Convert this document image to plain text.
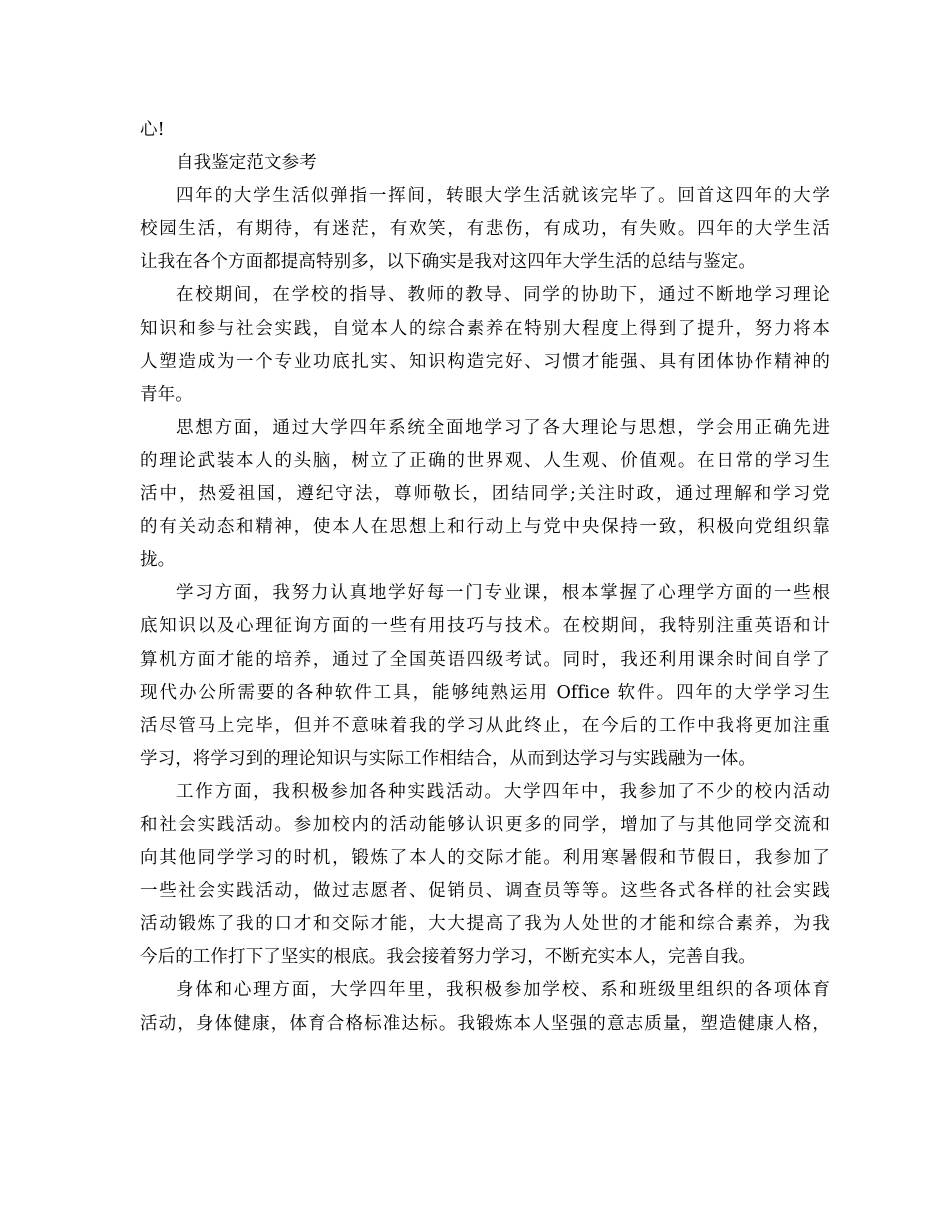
心!
自我鉴定范文参考
四年的大学生活似弹指一挥间，转眼大学生活就该完毕了。回首这四年的大学
校园生活，有期待，有迷茫，有欢笑，有悲伤，有成功，有失败。四年的大学生活
让我在各个方面都提高特别多，以下确实是我对这四年大学生活的总结与鉴定。
在校期间，在学校的指导、教师的教导、同学的协助下，通过不断地学习理论
知识和参与社会实践，自觉本人的综合素养在特别大程度上得到了提升，努力将本
人塑造成为一个专业功底扎实、知识构造完好、习惯才能强、具有团体协作精神的
青年。
思想方面，通过大学四年系统全面地学习了各大理论与思想，学会用正确先进
的理论武装本人的头脑，树立了正确的世界观、人生观、价值观。在日常的学习生
活中，热爱祖国，遵纪守法，尊师敬长，团结同学;关注时政，通过理解和学习党
的有关动态和精神，使本人在思想上和行动上与党中央保持一致，积极向党组织靠
拢。
学习方面，我努力认真地学好每一门专业课，根本掌握了心理学方面的一些根
底知识以及心理征询方面的一些有用技巧与技术。在校期间，我特别注重英语和计
算机方面才能的培养，通过了全国英语四级考试。同时，我还利用课余时间自学了
现代办公所需要的各种软件工具，能够纯熟运用 Office 软件。四年的大学学习生
活尽管马上完毕，但并不意味着我的学习从此终止，在今后的工作中我将更加注重
学习，将学习到的理论知识与实际工作相结合，从而到达学习与实践融为一体。
工作方面，我积极参加各种实践活动。大学四年中，我参加了不少的校内活动
和社会实践活动。参加校内的活动能够认识更多的同学，增加了与其他同学交流和
向其他同学学习的时机，锻炼了本人的交际才能。利用寒暑假和节假日，我参加了
一些社会实践活动，做过志愿者、促销员、调查员等等。这些各式各样的社会实践
活动锻炼了我的口才和交际才能，大大提高了我为人处世的才能和综合素养，为我
今后的工作打下了坚实的根底。我会接着努力学习，不断充实本人，完善自我。
身体和心理方面，大学四年里，我积极参加学校、系和班级里组织的各项体育
活动，身体健康，体育合格标准达标。我锻炼本人坚强的意志质量，塑造健康人格，
